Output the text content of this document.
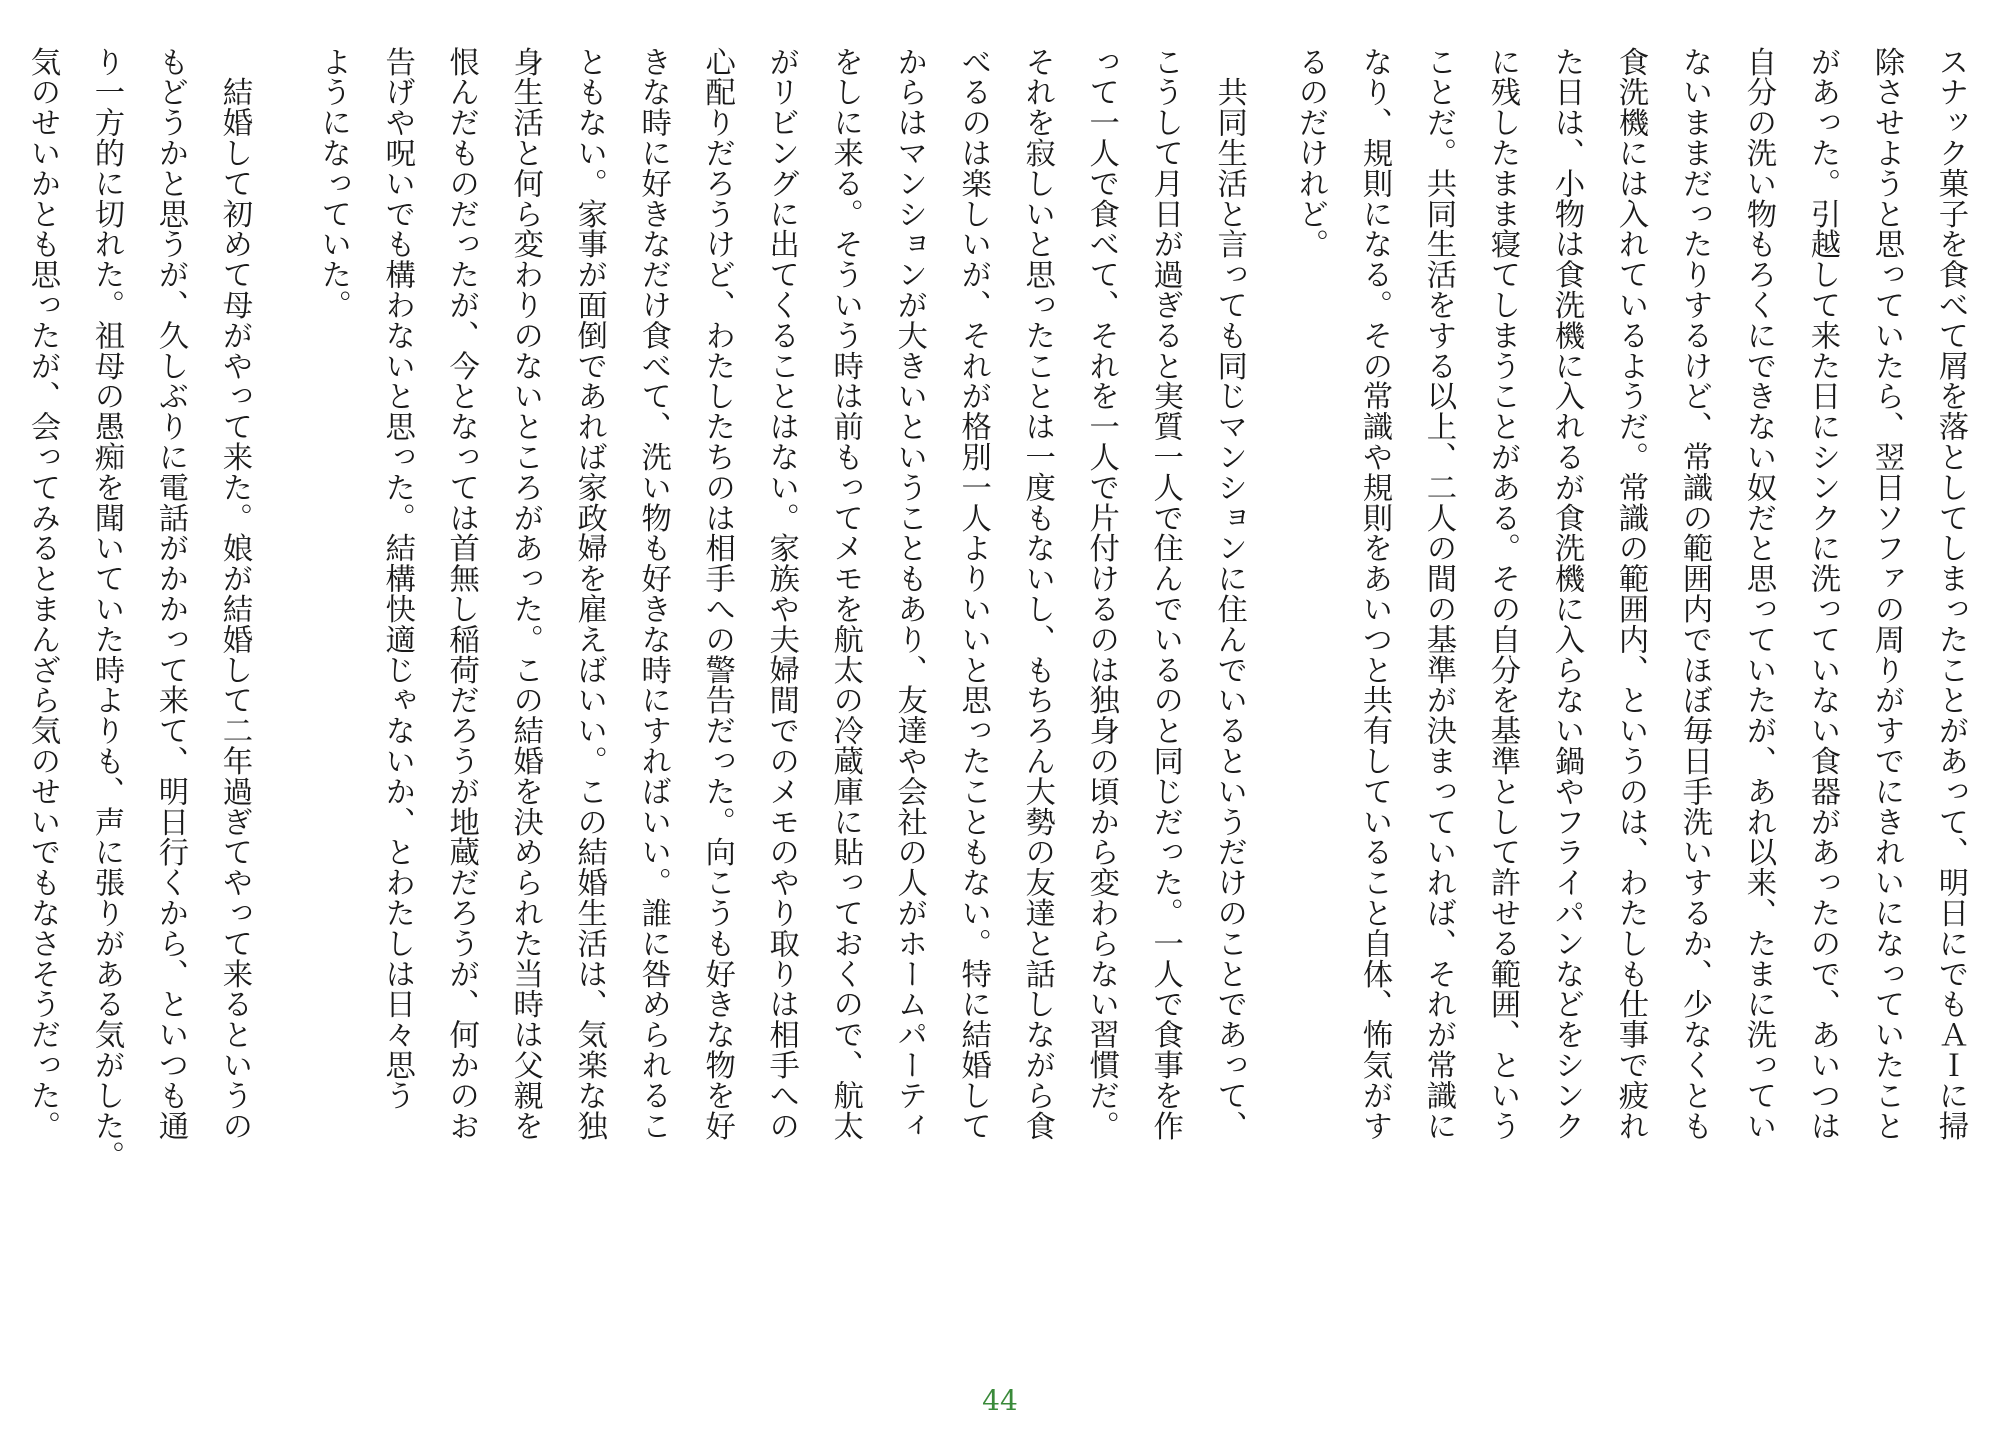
スナック菓子を食べて屑を落としてしまったことがあって、明日にでもＡＩに掃
除させようと思っていたら、翌日ソファの周りがすでにきれいになっていたこと
があった。引越して来た日にシンクに洗っていない食器があったので、あいつは
自分の洗い物もろくにできない奴だと思っていたが、あれ以来、たまに洗ってい
ないままだったりするけど、常識の範囲内でほぼ毎日手洗いするか、少なくとも
食洗機には入れているようだ。常識の範囲内、というのは、わたしも仕事で疲れ
た日は、小物は食洗機に入れるが食洗機に入らない鍋やフライパンなどをシンク
に残したまま寝てしまうことがある。その自分を基準として許せる範囲、という
ことだ。共同生活をする以上、二人の間の基準が決まっていれば、それが常識に
なり、規則になる。その常識や規則をあいつと共有していること自体、怖気がす
るのだけれど。
　共同生活と言っても同じマンションに住んでいるというだけのことであって、
こうして月日が過ぎると実質一人で住んでいるのと同じだった。一人で食事を作
って一人で食べて、それを一人で片付けるのは独身の頃から変わらない習慣だ。
それを寂しいと思ったことは一度もないし、もちろん大勢の友達と話しながら食
べるのは楽しいが、それが格別一人よりいいと思ったこともない。特に結婚して
からはマンションが大きいということもあり、友達や会社の人がホームパーティ
をしに来る。そういう時は前もってメモを航太の冷蔵庫に貼っておくので、航太
がリビングに出てくることはない。家族や夫婦間でのメモのやり取りは相手への
心配りだろうけど、わたしたちのは相手への警告だった。向こうも好きな物を好
きな時に好きなだけ食べて、洗い物も好きな時にすればいい。誰に咎められるこ
ともない。家事が面倒であれば家政婦を雇えばいい。この結婚生活は、気楽な独
身生活と何ら変わりのないところがあった。この結婚を決められた当時は父親を
恨んだものだったが、今となっては首無し稲荷だろうが地蔵だろうが、何かのお
告げや呪いでも構わないと思った。結構快適じゃないか、とわたしは日々思う
ようになっていた。
　結婚して初めて母がやって来た。娘が結婚して二年過ぎてやって来るというの
もどうかと思うが、久しぶりに電話がかかって来て、明日行くから、といつも通
り一方的に切れた。祖母の愚痴を聞いていた時よりも、声に張りがある気がした。
気のせいかとも思ったが、会ってみるとまんざら気のせいでもなさそうだった。
44
